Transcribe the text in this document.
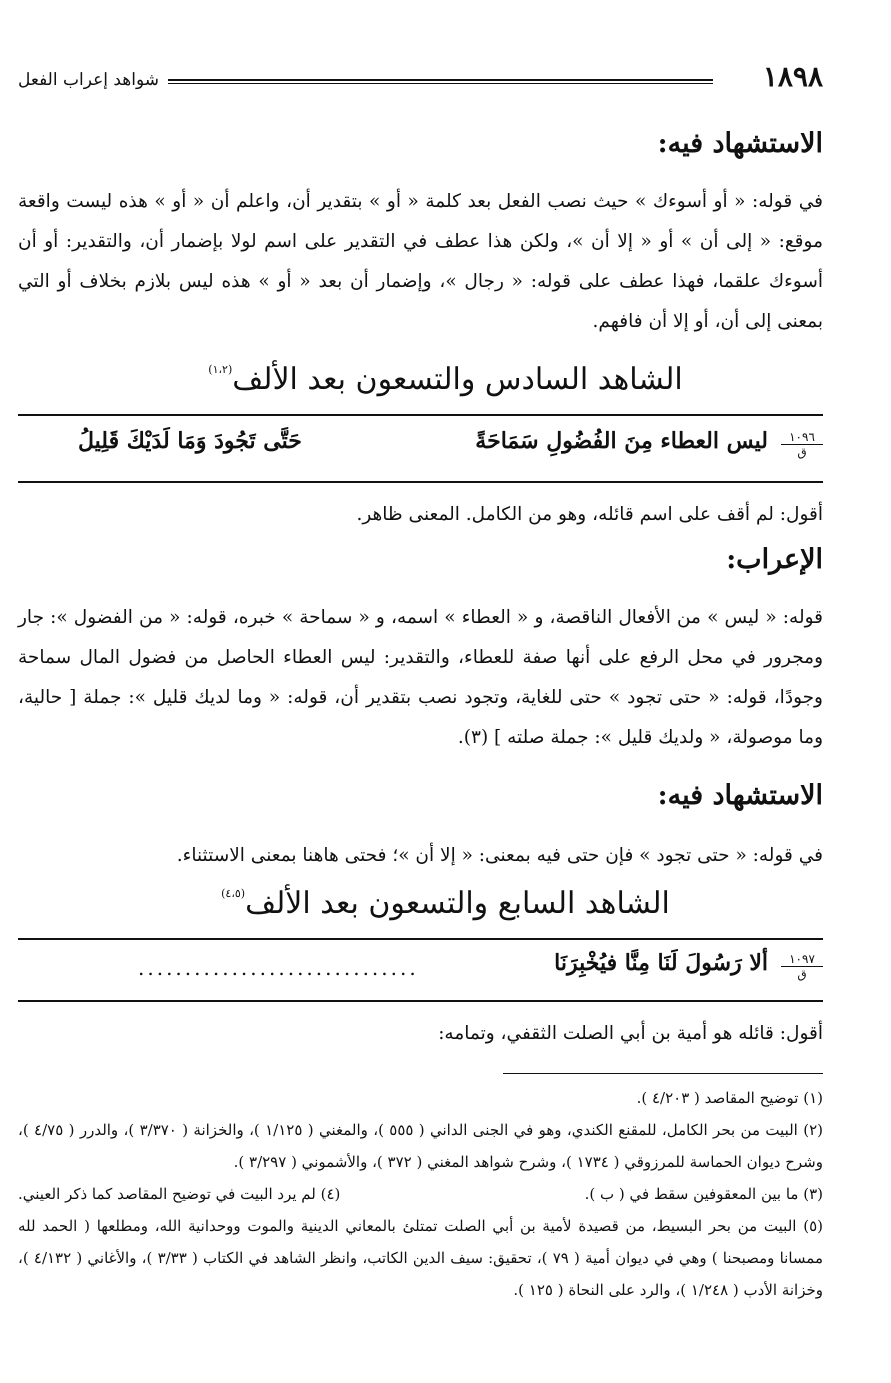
١٨٩٨
شواهد إعراب الفعل
الاستشهاد فيه:
في قوله: « أو أسوءك » حيث نصب الفعل بعد كلمة « أو » بتقدير أن، واعلم أن « أو » هذه ليست واقعة موقع: « إلى أن » أو « إلا أن »، ولكن هذا عطف في التقدير على اسم لولا بإضمار أن، والتقدير: أو أن أسوءك علقما، فهذا عطف على قوله: « رجال »، وإضمار أن بعد « أو » هذه ليس بلازم بخلاف أو التي بمعنى إلى أن، أو إلا أن فافهم.
الشاهد السادس والتسعون بعد الألف$^{(١،٢)}$
١٠٩٦
ق
ليس العطاء مِنَ الفُضُولِ سَمَاحَةً
حَتَّى تَجُودَ وَمَا لَدَيْكَ قَلِيلُ
أقول: لم أقف على اسم قائله، وهو من الكامل. المعنى ظاهر.
الإعراب:
قوله: « ليس » من الأفعال الناقصة، و « العطاء » اسمه، و « سماحة » خبره، قوله: « من الفضول »: جار ومجرور في محل الرفع على أنها صفة للعطاء، والتقدير: ليس العطاء الحاصل من فضول المال سماحة وجودًا، قوله: « حتى تجود » حتى للغاية، وتجود نصب بتقدير أن، قوله: « وما لديك قليل »: جملة [ حالية، وما موصولة، « ولديك قليل »: جملة صلته ] (٣).
الاستشهاد فيه:
في قوله: « حتى تجود » فإن حتى فيه بمعنى: « إلا أن »؛ فحتى هاهنا بمعنى الاستثناء.
الشاهد السابع والتسعون بعد الألف$^{(٤،٥)}$
١٠٩٧
ق
ألا رَسُولَ لَنَا مِنَّا فيُخْبِرَنَا
..............................
أقول: قائله هو أمية بن أبي الصلت الثقفي، وتمامه:
(١) توضيح المقاصد ( ٤/٢٠٣ ).
(٢) البيت من بحر الكامل، للمقنع الكندي، وهو في الجنى الداني ( ٥٥٥ )، والمغني ( ١/١٢٥ )، والخزانة ( ٣/٣٧٠ )، والدرر ( ٤/٧٥ )، وشرح ديوان الحماسة للمرزوقي ( ١٧٣٤ )، وشرح شواهد المغني ( ٣٧٢ )، والأشموني ( ٣/٢٩٧ ).
(٣) ما بين المعقوفين سقط في ( ب ).
(٤) لم يرد البيت في توضيح المقاصد كما ذكر العيني.
(٥) البيت من بحر البسيط، من قصيدة لأمية بن أبي الصلت تمتلئ بالمعاني الدينية والموت ووحدانية الله، ومطلعها ( الحمد لله ممسانا ومصبحنا ) وهي في ديوان أمية ( ٧٩ )، تحقيق: سيف الدين الكاتب، وانظر الشاهد في الكتاب ( ٣/٣٣ )، والأغاني ( ٤/١٣٢ )، وخزانة الأدب ( ١/٢٤٨ )، والرد على النحاة ( ١٢٥ ).
